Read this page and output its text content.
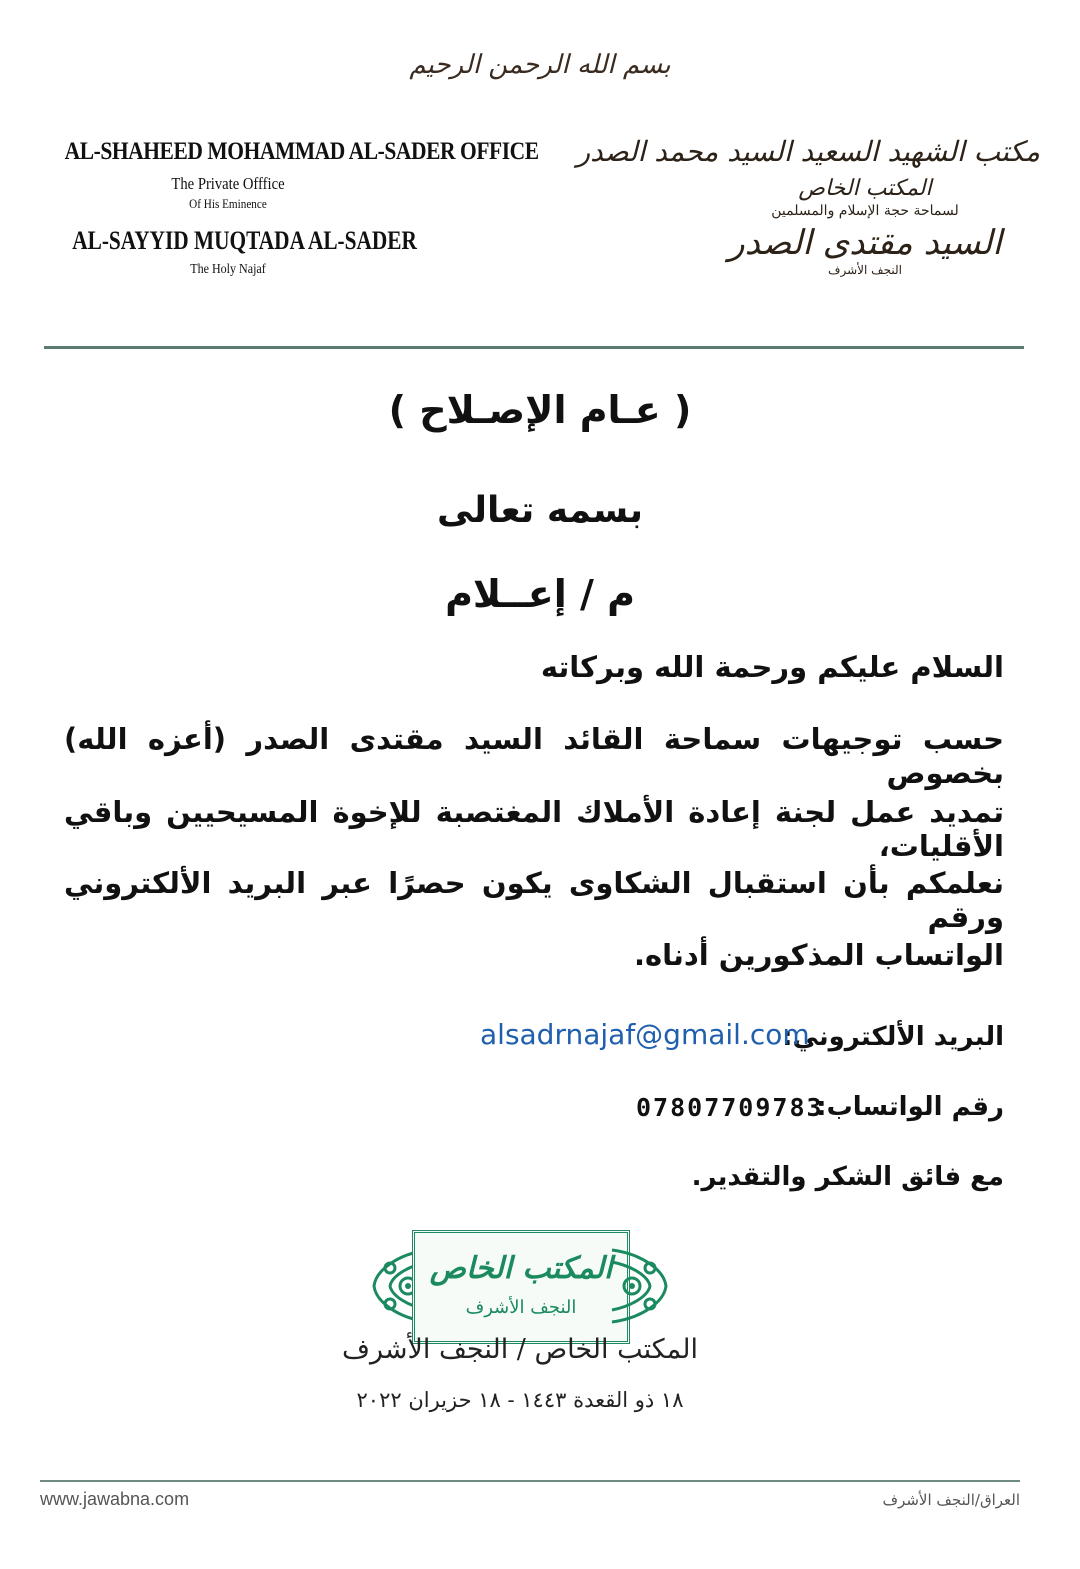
بسم الله الرحمن الرحيم
AL-SHAHEED MOHAMMAD AL-SADER OFFICE
The Private Offfice
Of His Eminence
AL-SAYYID MUQTADA AL-SADER
The Holy Najaf
مكتب الشهيد السعيد السيد محمد الصدر
المكتب الخاص
لسماحة حجة الإسلام والمسلمين
السيد مقتدى الصدر
النجف الأشرف
( عـام الإصـلاح )
بسمه تعالى
م / إعــلام
السلام عليكم ورحمة الله وبركاته
حسب توجيهات سماحة القائد السيد مقتدى الصدر (أعزه الله) بخصوص
تمديد عمل لجنة إعادة الأملاك المغتصبة للإخوة المسيحيين وباقي الأقليات،
نعلمكم بأن استقبال الشكاوى يكون حصرًا عبر البريد الألكتروني ورقم
الواتساب المذكورين أدناه.
البريد الألكتروني:
alsadrnajaf@gmail.com
رقم الواتساب:
07807709783
مع فائق الشكر والتقدير.
المكتب الخاص
النجف الأشرف
المكتب الخاص / النجف الأشرف
١٨ ذو القعدة ١٤٤٣ - ١٨ حزيران ٢٠٢٢
www.jawabna.com	العراق/النجف الأشرف
